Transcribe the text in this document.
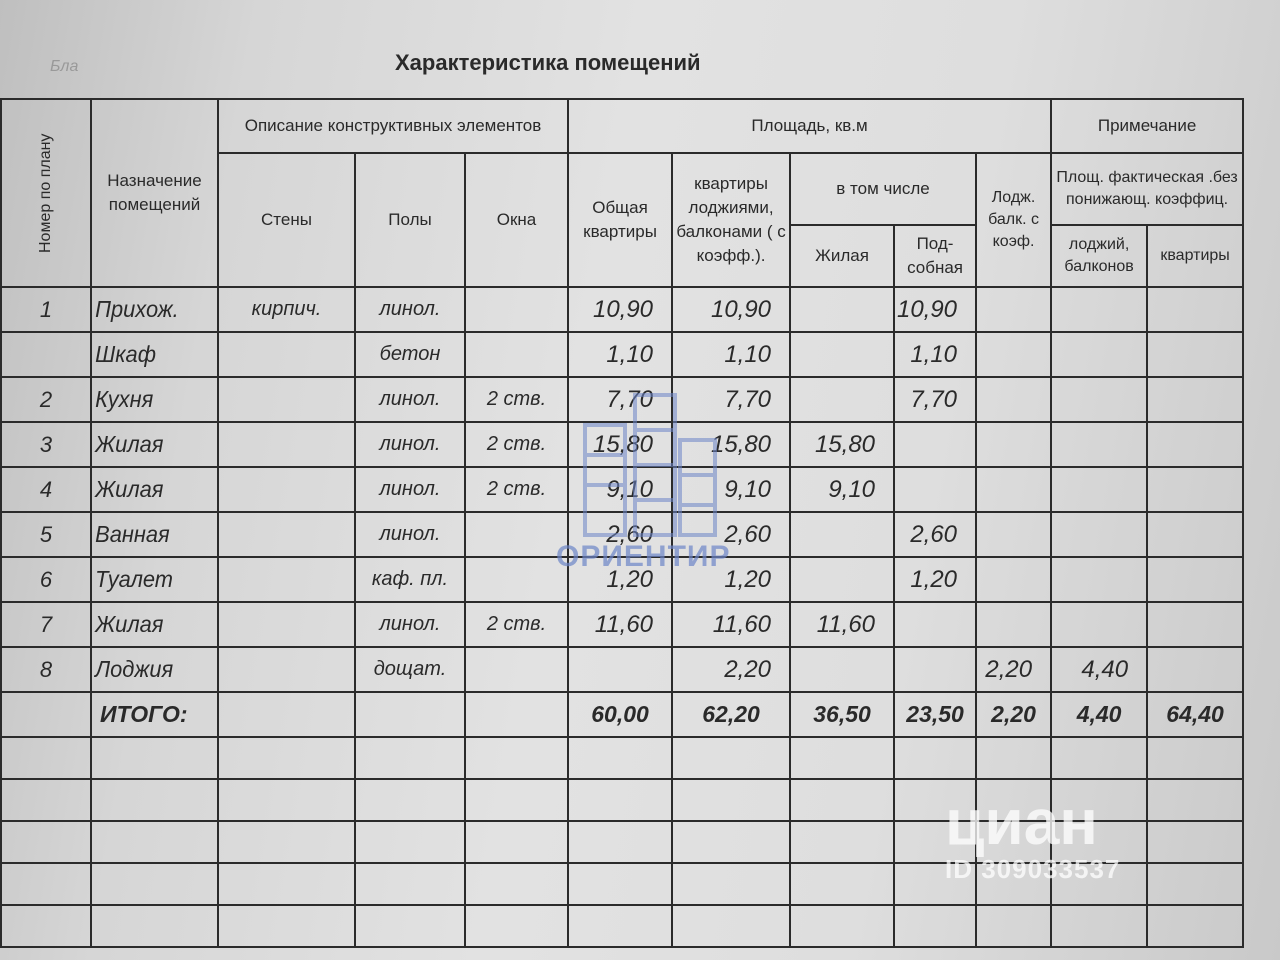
Бла	Характеристика помещений
Номер по плану	Назначение помещений	Описание конструктивных элементов			Площадь, кв.м					Примечание	
		Стены	Полы	Окна	Общая квартиры	квартиры лоджиями, балконами ( с коэфф.).	в том числе		Лодж. балк. с коэф.	Площ. фактическая .без понижающ. коэффиц.	
							Жилая	Под-собная		лоджий, балконов	квартиры
1	Прихож.	кирпич.	линол.		10,90	10,90		10,90			
	Шкаф		бетон		1,10	1,10		1,10			
2	Кухня		линол.	2 ств.	7,70	7,70		7,70			
3	Жилая		линол.	2 ств.	15,80	15,80	15,80				
4	Жилая		линол.	2 ств.	9,10	9,10	9,10				
5	Ванная		линол.		2,60	2,60		2,60			
6	Туалет		каф. пл.		1,20	1,20		1,20			
7	Жилая		линол.	2 ств.	11,60	11,60	11,60				
8	Лоджия		дощат.			2,20			2,20	4,40	
	ИТОГО:				60,00	62,20	36,50	23,50	2,20	4,40	64,40

ОРИЕНТИР
циан
ID 309033537
